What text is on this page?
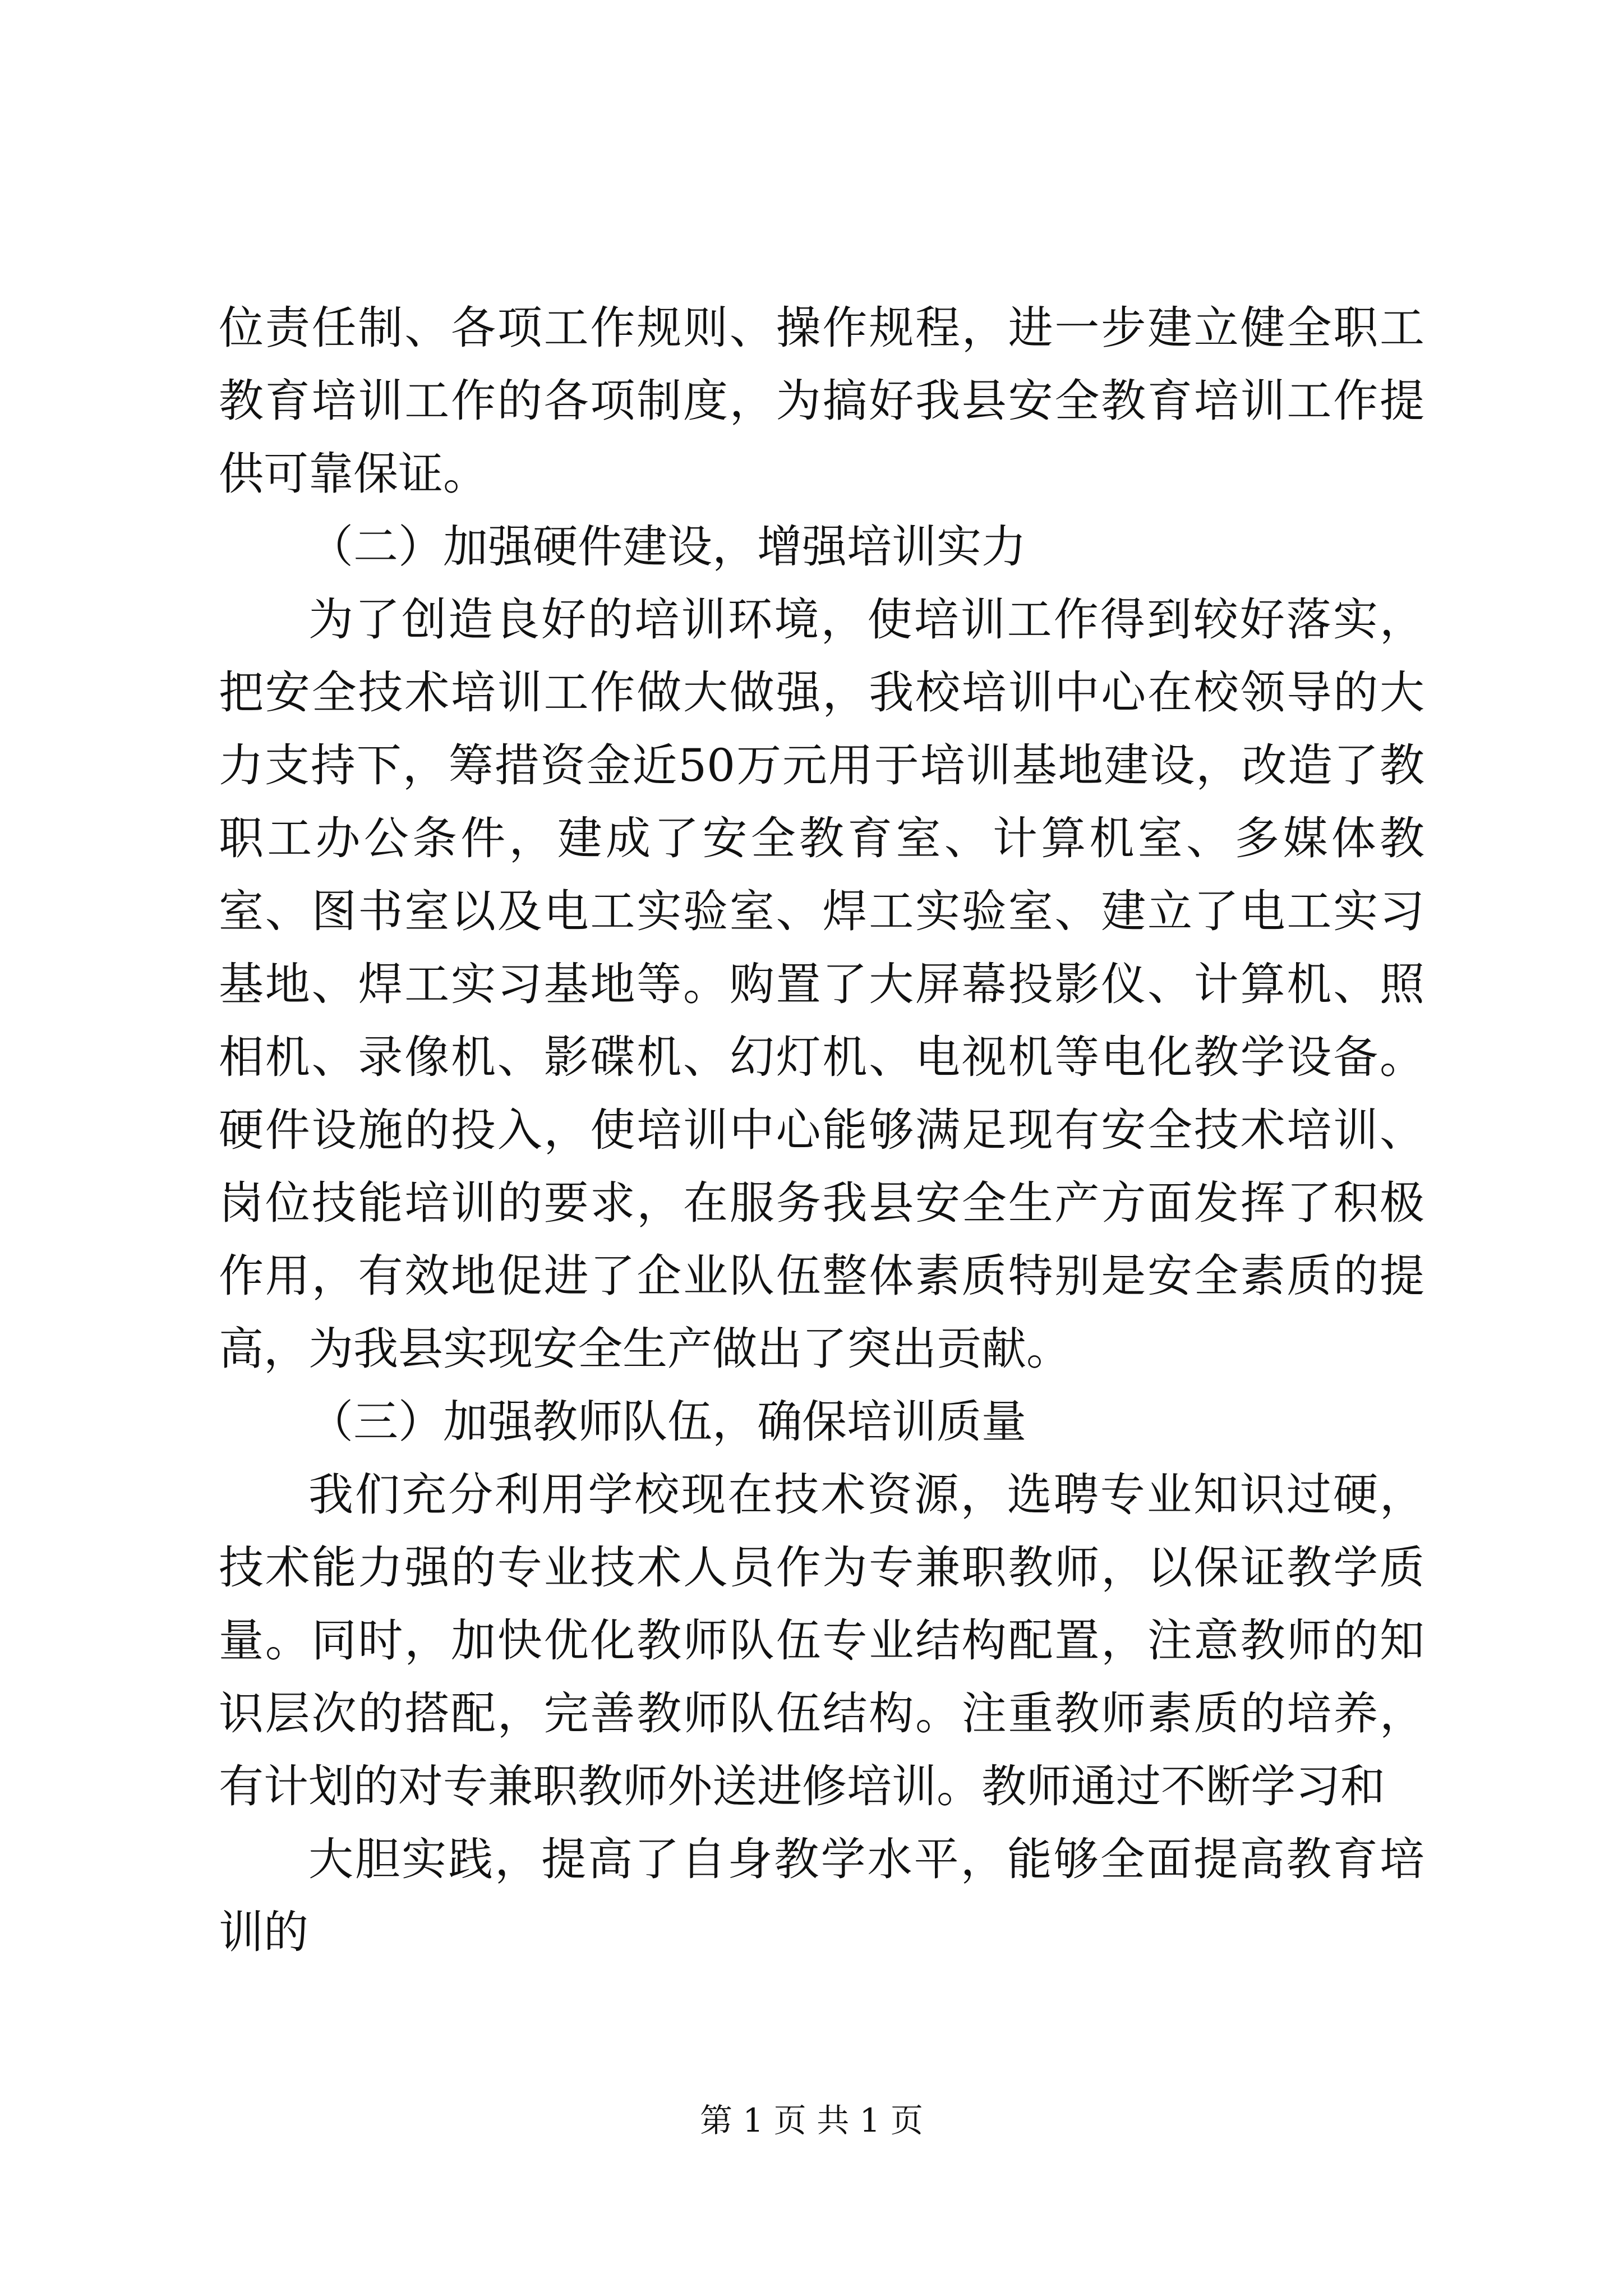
位责任制、各项工作规则、操作规程，进一步建立健全职工教育培训工作的各项制度，为搞好我县安全教育培训工作提供可靠保证。

（二）加强硬件建设，增强培训实力

为了创造良好的培训环境，使培训工作得到较好落实，把安全技术培训工作做大做强，我校培训中心在校领导的大力支持下，筹措资金近50万元用于培训基地建设，改造了教职工办公条件，建成了安全教育室、计算机室、多媒体教室、图书室以及电工实验室、焊工实验室、建立了电工实习基地、焊工实习基地等。购置了大屏幕投影仪、计算机、照相机、录像机、影碟机、幻灯机、电视机等电化教学设备。硬件设施的投入，使培训中心能够满足现有安全技术培训、岗位技能培训的要求，在服务我县安全生产方面发挥了积极作用，有效地促进了企业队伍整体素质特别是安全素质的提高，为我县实现安全生产做出了突出贡献。

（三）加强教师队伍，确保培训质量

我们充分利用学校现在技术资源，选聘专业知识过硬，技术能力强的专业技术人员作为专兼职教师，以保证教学质量。同时，加快优化教师队伍专业结构配置，注意教师的知识层次的搭配，完善教师队伍结构。注重教师素质的培养，有计划的对专兼职教师外送进修培训。教师通过不断学习和

大胆实践，提高了自身教学水平，能够全面提高教育培训的

第 1 页 共 1 页
